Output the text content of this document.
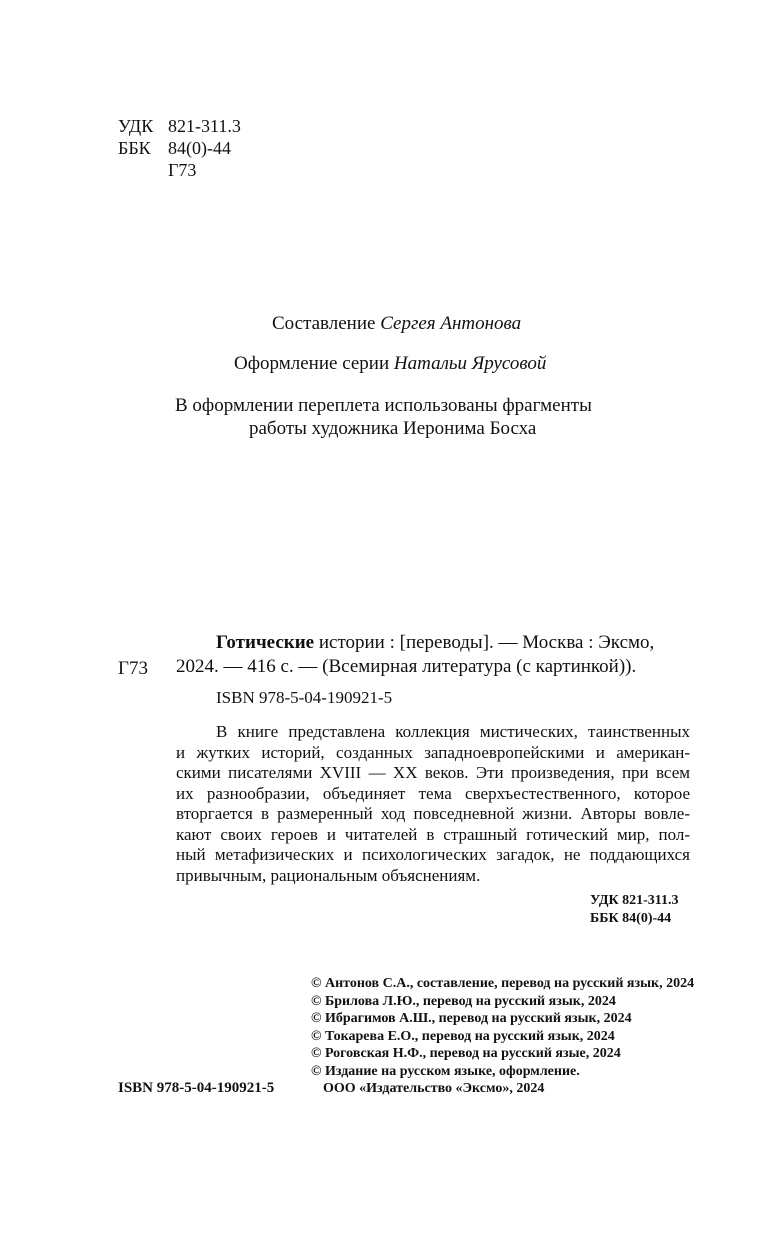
УДК 821-311.3
ББК 84(0)-44
Г73
Составление Сергея Антонова
Оформление серии Натальи Ярусовой
В оформлении переплета использованы фрагменты
работы художника Иеронима Босха
Г73
Готические истории : [переводы]. — Москва : Эксмо,
2024. — 416 с. — (Всемирная литература (с картинкой)).
ISBN 978-5-04-190921-5
В книге представлена коллекция мистических, таинственных
и жутких историй, созданных западноевропейскими и американ-
скими писателями XVIII — XX веков. Эти произведения, при всем
их разнообразии, объединяет тема сверхъестественного, которое
вторгается в размеренный ход повседневной жизни. Авторы вовле-
кают своих героев и читателей в страшный готический мир, пол-
ный метафизических и психологических загадок, не поддающихся
привычным, рациональным объяснениям.
УДК 821-311.3
ББК 84(0)-44
© Антонов С.А., составление, перевод на русский язык, 2024
© Брилова Л.Ю., перевод на русский язык, 2024
© Ибрагимов А.Ш., перевод на русский язык, 2024
© Токарева Е.О., перевод на русский язык, 2024
© Роговская Н.Ф., перевод на русский язые, 2024
© Издание на русском языке, оформление.
ООО «Издательство «Эксмо», 2024
ISBN 978-5-04-190921-5
